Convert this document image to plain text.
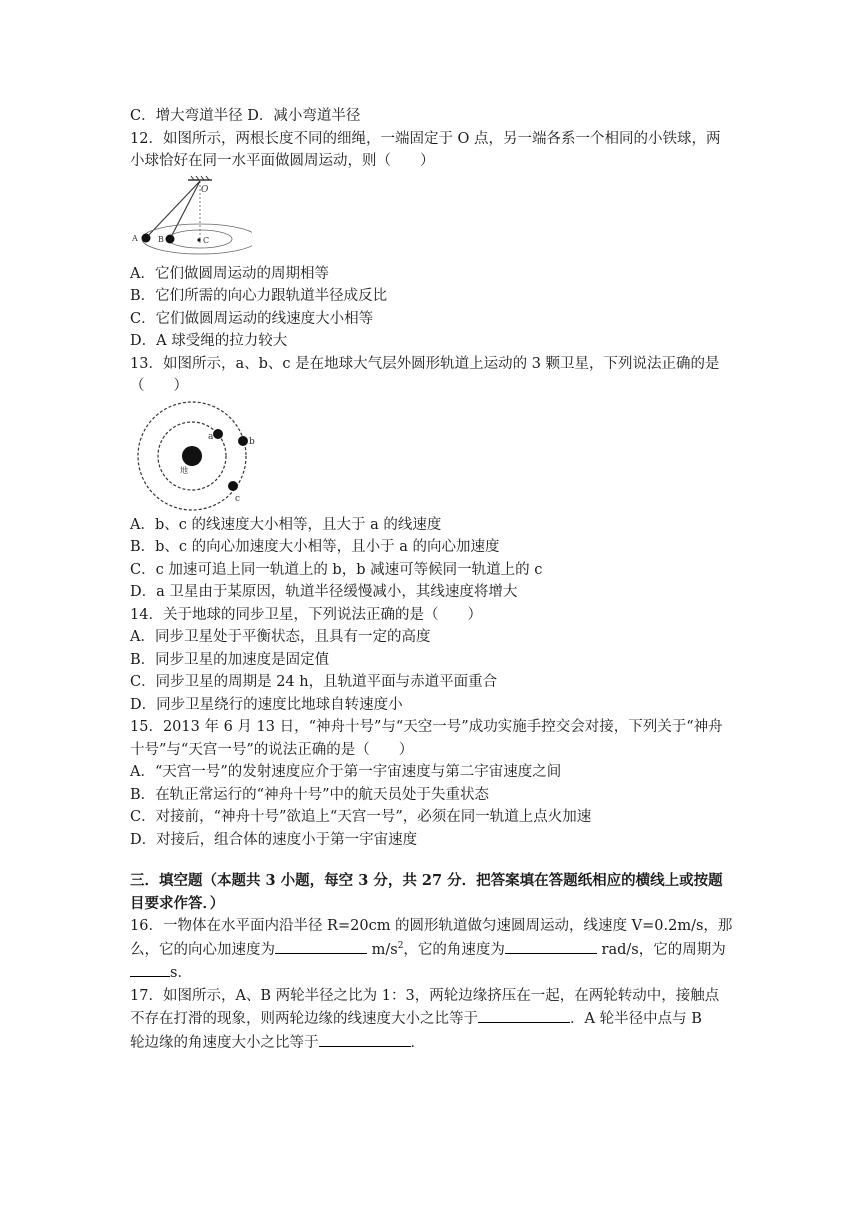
C．增大弯道半径 D．减小弯道半径
12．如图所示，两根长度不同的细绳，一端固定于 O 点，另一端各系一个相同的小铁球，两小球恰好在同一水平面做圆周运动，则（　　）
O
A	B	C
A．它们做圆周运动的周期相等
B．它们所需的向心力跟轨道半径成反比
C．它们做圆周运动的线速度大小相等
D．A 球受绳的拉力较大
13．如图所示，a、b、c 是在地球大气层外圆形轨道上运动的 3 颗卫星，下列说法正确的是（　　）
地
a	b
c
A．b、c 的线速度大小相等，且大于 a 的线速度
B．b、c 的向心加速度大小相等，且小于 a 的向心加速度
C．c 加速可追上同一轨道上的 b，b 减速可等候同一轨道上的 c
D．a 卫星由于某原因，轨道半径缓慢减小，其线速度将增大
14．关于地球的同步卫星，下列说法正确的是（　　）
A．同步卫星处于平衡状态，且具有一定的高度
B．同步卫星的加速度是固定值
C．同步卫星的周期是 24 h，且轨道平面与赤道平面重合
D．同步卫星绕行的速度比地球自转速度小
15．2013 年 6 月 13 日，“神舟十号”与“天空一号”成功实施手控交会对接，下列关于“神舟十号”与“天宫一号”的说法正确的是（　　）
A．“天宫一号”的发射速度应介于第一宇宙速度与第二宇宙速度之间
B．在轨正常运行的“神舟十号”中的航天员处于失重状态
C．对接前，“神舟十号”欲追上“天宫一号”，必须在同一轨道上点火加速
D．对接后，组合体的速度小于第一宇宙速度
三．填空题（本题共 3 小题，每空 3 分，共 27 分．把答案填在答题纸相应的横线上或按题目要求作答．）
16．一物体在水平面内沿半径 R=20cm 的圆形轨道做匀速圆周运动，线速度 V=0.2m/s，那么，它的向心加速度为	$m/s^2$，它的角速度为	rad/s，它的周期为s．
17．如图所示，A、B 两轮半径之比为 1：3，两轮边缘挤压在一起，在两轮转动中，接触点
不存在打滑的现象，则两轮边缘的线速度大小之比等于	．A 轮半径中点与 B
轮边缘的角速度大小之比等于	．
